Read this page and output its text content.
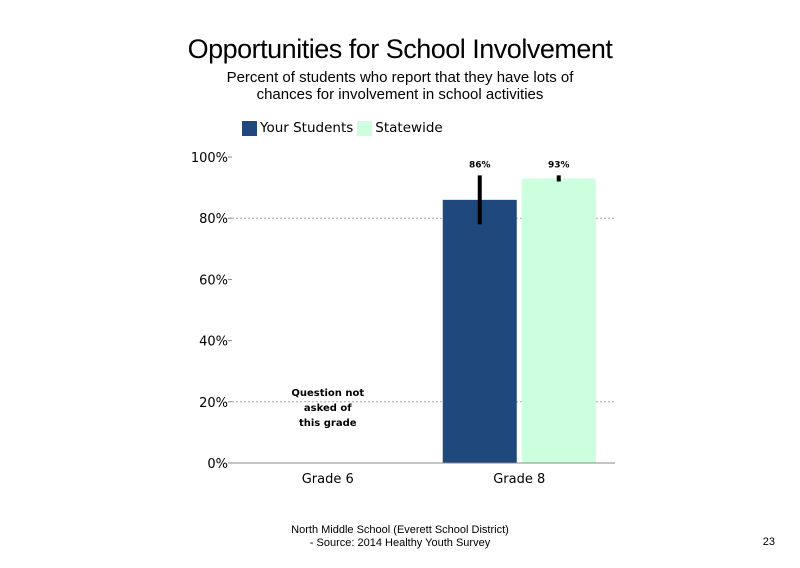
Opportunities for School Involvement
Percent of students who report that they have lots of chances for involvement in school activities
Your Students Statewide
0%
20%
40%
60%
80%
100%
Grade 6
86%	93%
Grade 8
Question not
asked of
this grade
North Middle School (Everett School District)
- Source: 2014 Healthy Youth Survey	23
